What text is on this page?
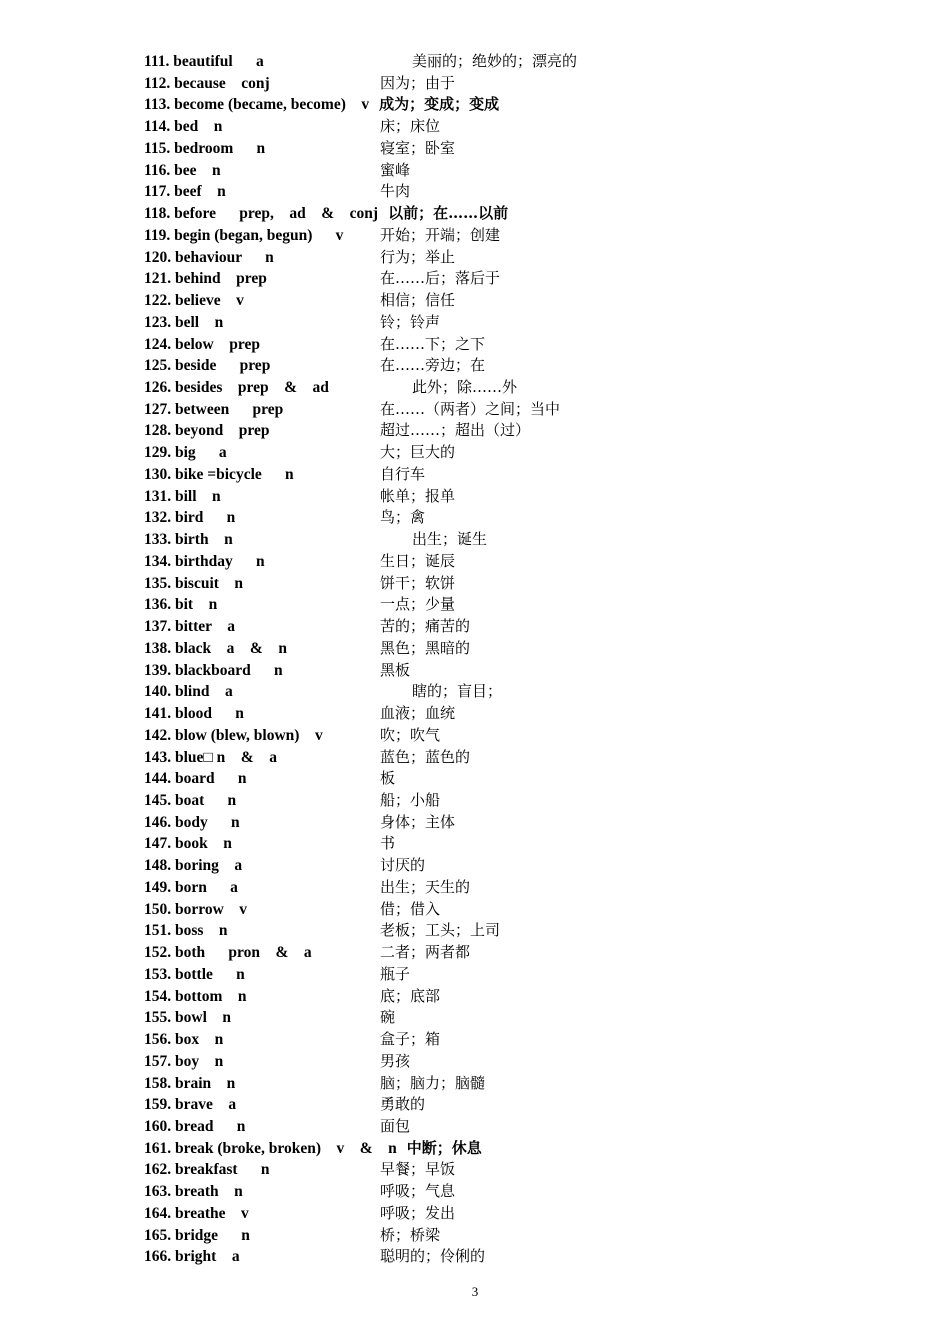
111. beautiful      a	美丽的；绝妙的；漂亮的
112. because    conj	因为；由于
113. become (became, become)    v 成为；变成；变成
114. bed    n	床；床位
115. bedroom      n	寝室；卧室
116. bee    n	蜜峰
117. beef    n	牛肉
118. before      prep,    ad    &    conj 以前；在……以前
119. begin (began, begun)      v 开始；开端；创建
120. behaviour      n	行为；举止
121. behind    prep	在……后；落后于
122. believe    v	相信；信任
123. bell    n	铃；铃声
124. below    prep	在……下；之下
125. beside      prep	在……旁边；在
126. besides    prep    &    ad	此外；除……外
127. between      prep	在……（两者）之间；当中
128. beyond    prep	超过……；超出（过）
129. big      a	大；巨大的
130. bike =bicycle      n	自行车
131. bill    n	帐单；报单
132. bird      n	鸟；禽
133. birth    n	出生；诞生
134. birthday      n	生日；诞辰
135. biscuit    n	饼干；软饼
136. bit    n	一点；少量
137. bitter    a	苦的；痛苦的
138. black    a    &    n	黑色；黑暗的
139. blackboard      n	黑板
140. blind    a	瞎的；盲目；
141. blood      n	血液；血统
142. blow (blew, blown)    v	吹；吹气
143. blue□ n    &    a	蓝色；蓝色的
144. board      n	板
145. boat      n	船；小船
146. body      n	身体；主体
147. book    n	书
148. boring    a	讨厌的
149. born      a	出生；天生的
150. borrow    v	借；借入
151. boss    n	老板；工头；上司
152. both      pron    &    a	二者；两者都
153. bottle      n	瓶子
154. bottom    n	底；底部
155. bowl    n	碗
156. box    n	盒子；箱
157. boy    n	男孩
158. brain    n	脑；脑力；脑髓
159. brave    a	勇敢的
160. bread      n	面包
161. break (broke, broken)    v    &    n 中断；休息
162. breakfast      n	早餐；早饭
163. breath    n	呼吸；气息
164. breathe    v	呼吸；发出
165. bridge      n	桥；桥梁
166. bright    a	聪明的；伶俐的
3
